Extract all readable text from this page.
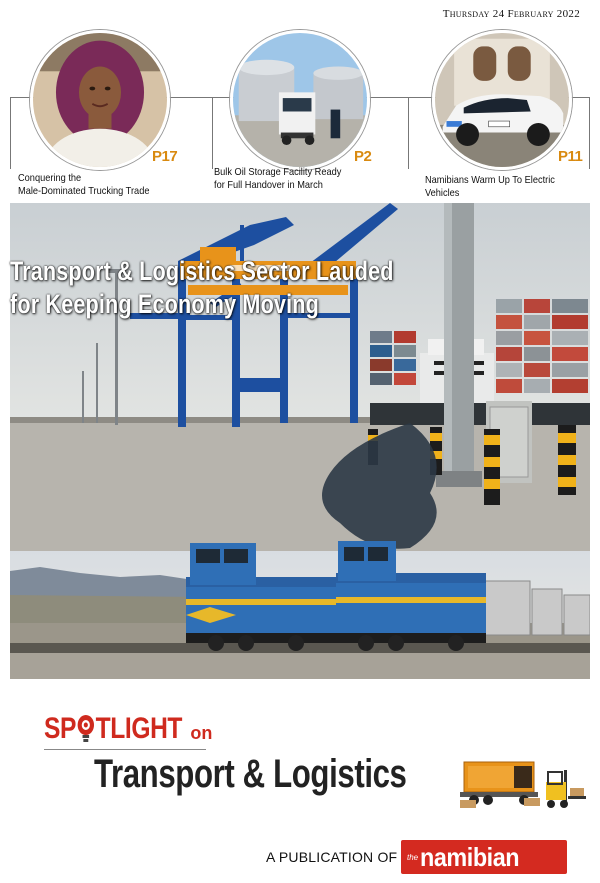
Thursday 24 February 2022
P17
Conquering the
Male-Dominated Trucking Trade
P2
Bulk Oil Storage Facility Ready
for Full Handover in March
P11
Namibians Warm Up To Electric Vehicles
Transport & Logistics Sector Lauded
for Keeping Economy Moving
SP TLIGHT on
Transport & Logistics
A PUBLICATION OF the namibian
